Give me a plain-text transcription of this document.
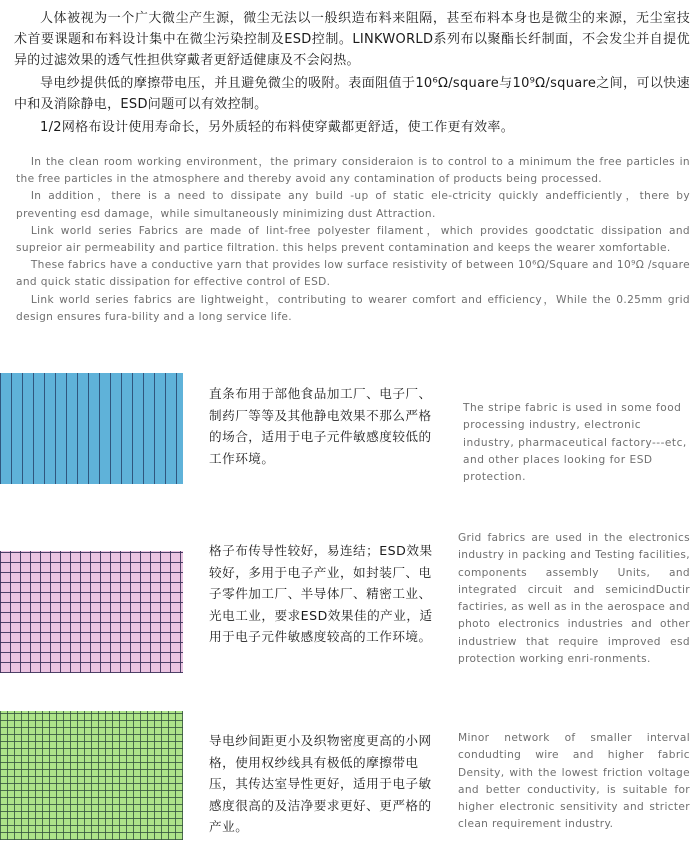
人体被视为一个广大微尘产生源，微尘无法以一般织造布料来阻隔，甚至布料本身也是微尘的来源，无尘室技术首要课题和布料设计集中在微尘污染控制及ESD控制。LINKWORLD系列布以聚酯长纤制面，不会发尘并自提优异的过滤效果的透气性担供穿戴者更舒适健康及不会闷热。

导电纱提供低的摩擦带电压，并且避免微尘的吸附。表面阻值于10⁶Ω/square与10⁹Ω/square之间，可以快速中和及消除静电，ESD问题可以有效控制。

1/2网格布设计使用寿命长，另外质轻的布料使穿戴都更舒适，使工作更有效率。

In the clean room working environment，the primary consideraion is to control to a minimum the free particles in the free particles in the atmosphere and thereby avoid any contamination of products being processed.

In addition，there is a need to dissipate any build -up of static ele-ctricity quickly andefficiently，there by preventing esd damage，while simultaneously minimizing dust Attraction.

Link world series Fabrics are made of lint-free polyester filament，which provides goodctatic dissipation and supreior air permeability and partice filtration. this helps prevent contamination and keeps the wearer xomfortable.

These fabrics have a conductive yarn that provides low surface resistivity of between 10⁶Ω/Square and 10⁹Ω /square and quick static dissipation for effective control of ESD.

Link world series fabrics are lightweight，contributing to wearer comfort and efficiency，While the 0.25mm grid design ensures fura-bility and a long service life.

直条布用于部他食品加工厂、电子厂、制药厂等等及其他静电效果不那么严格的场合，适用于电子元件敏感度较低的工作环境。

The stripe fabric is used in some food processing industry, electronic industry, pharmaceutical factory---etc, and other places looking for ESD protection.

格子布传导性较好，易连结；ESD效果较好，多用于电子产业，如封装厂、电子零件加工厂、半导体厂、精密工业、光电工业，要求ESD效果佳的产业，适用于电子元件敏感度较高的工作环境。

Grid fabrics are used in the electronics industry in packing and Testing facilities, components assembly Units, and integrated circuit and semicindDuctir factiries, as well as in the aerospace and photo electronics industries and other industriew that require improved esd protection working enri-ronments.

导电纱间距更小及织物密度更高的小网格，使用权纱线具有极低的摩擦带电压，其传达室导性更好，适用于电子敏感度很高的及洁净要求更好、更严格的产业。

Minor network of smaller interval condudting wire and higher fabric Density, with the lowest friction voltage and better conductivity, is suitable for higher electronic sensitivity and stricter clean requirement industry.
